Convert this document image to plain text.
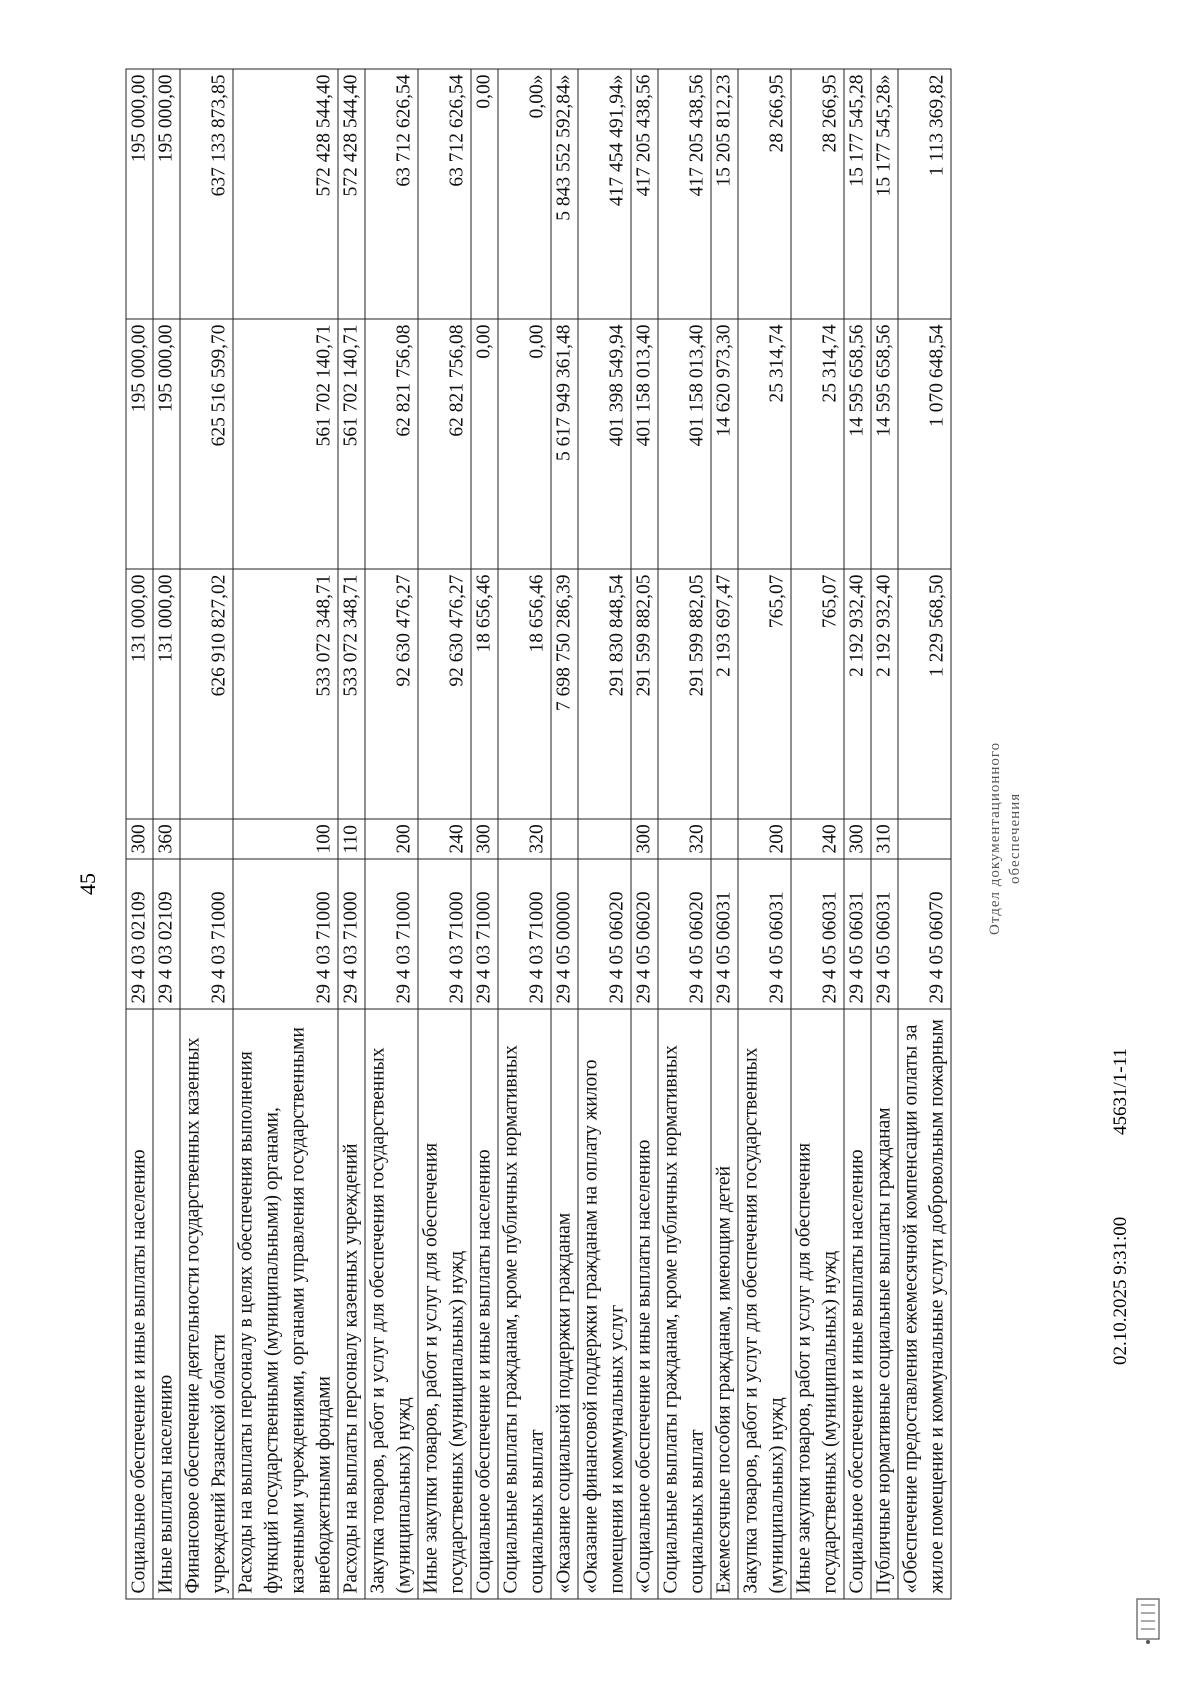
45
Социальное обеспечение и иные выплаты населению	29 4 03 02109	300	131 000,00	195 000,00	195 000,00
Иные выплаты населению	29 4 03 02109	360	131 000,00	195 000,00	195 000,00
Финансовое обеспечение деятельности государственных казенных учреждений Рязанской области	29 4 03 71000		626 910 827,02	625 516 599,70	637 133 873,85
Расходы на выплаты персоналу в целях обеспечения выполнения функций государственными (муниципальными) органами, казенными учреждениями, органами управления государственными внебюджетными фондами	29 4 03 71000	100	533 072 348,71	561 702 140,71	572 428 544,40
Расходы на выплаты персоналу казенных учреждений	29 4 03 71000	110	533 072 348,71	561 702 140,71	572 428 544,40
Закупка товаров, работ и услуг для обеспечения государственных (муниципальных) нужд	29 4 03 71000	200	92 630 476,27	62 821 756,08	63 712 626,54
Иные закупки товаров, работ и услуг для обеспечения государственных (муниципальных) нужд	29 4 03 71000	240	92 630 476,27	62 821 756,08	63 712 626,54
Социальное обеспечение и иные выплаты населению	29 4 03 71000	300	18 656,46	0,00	0,00
Социальные выплаты гражданам, кроме публичных нормативных социальных выплат	29 4 03 71000	320	18 656,46	0,00	0,00»
«Оказание социальной поддержки гражданам	29 4 05 00000		7 698 750 286,39	5 617 949 361,48	5 843 552 592,84»
«Оказание финансовой поддержки гражданам на оплату жилого помещения и коммунальных услуг	29 4 05 06020		291 830 848,54	401 398 549,94	417 454 491,94»
«Социальное обеспечение и иные выплаты населению	29 4 05 06020	300	291 599 882,05	401 158 013,40	417 205 438,56
Социальные выплаты гражданам, кроме публичных нормативных социальных выплат	29 4 05 06020	320	291 599 882,05	401 158 013,40	417 205 438,56
Ежемесячные пособия гражданам, имеющим детей	29 4 05 06031		2 193 697,47	14 620 973,30	15 205 812,23
Закупка товаров, работ и услуг для обеспечения государственных (муниципальных) нужд	29 4 05 06031	200	765,07	25 314,74	28 266,95
Иные закупки товаров, работ и услуг для обеспечения государственных (муниципальных) нужд	29 4 05 06031	240	765,07	25 314,74	28 266,95
Социальное обеспечение и иные выплаты населению	29 4 05 06031	300	2 192 932,40	14 595 658,56	15 177 545,28
Публичные нормативные социальные выплаты гражданам	29 4 05 06031	310	2 192 932,40	14 595 658,56	15 177 545,28»
«Обеспечение предоставления ежемесячной компенсации оплаты за жилое помещение и коммунальные услуги добровольным пожарным	29 4 05 06070		1 229 568,50	1 070 648,54	1 113 369,82
Отдел документационного обеспечения
02.10.2025 9:31:00
45631/1-11
